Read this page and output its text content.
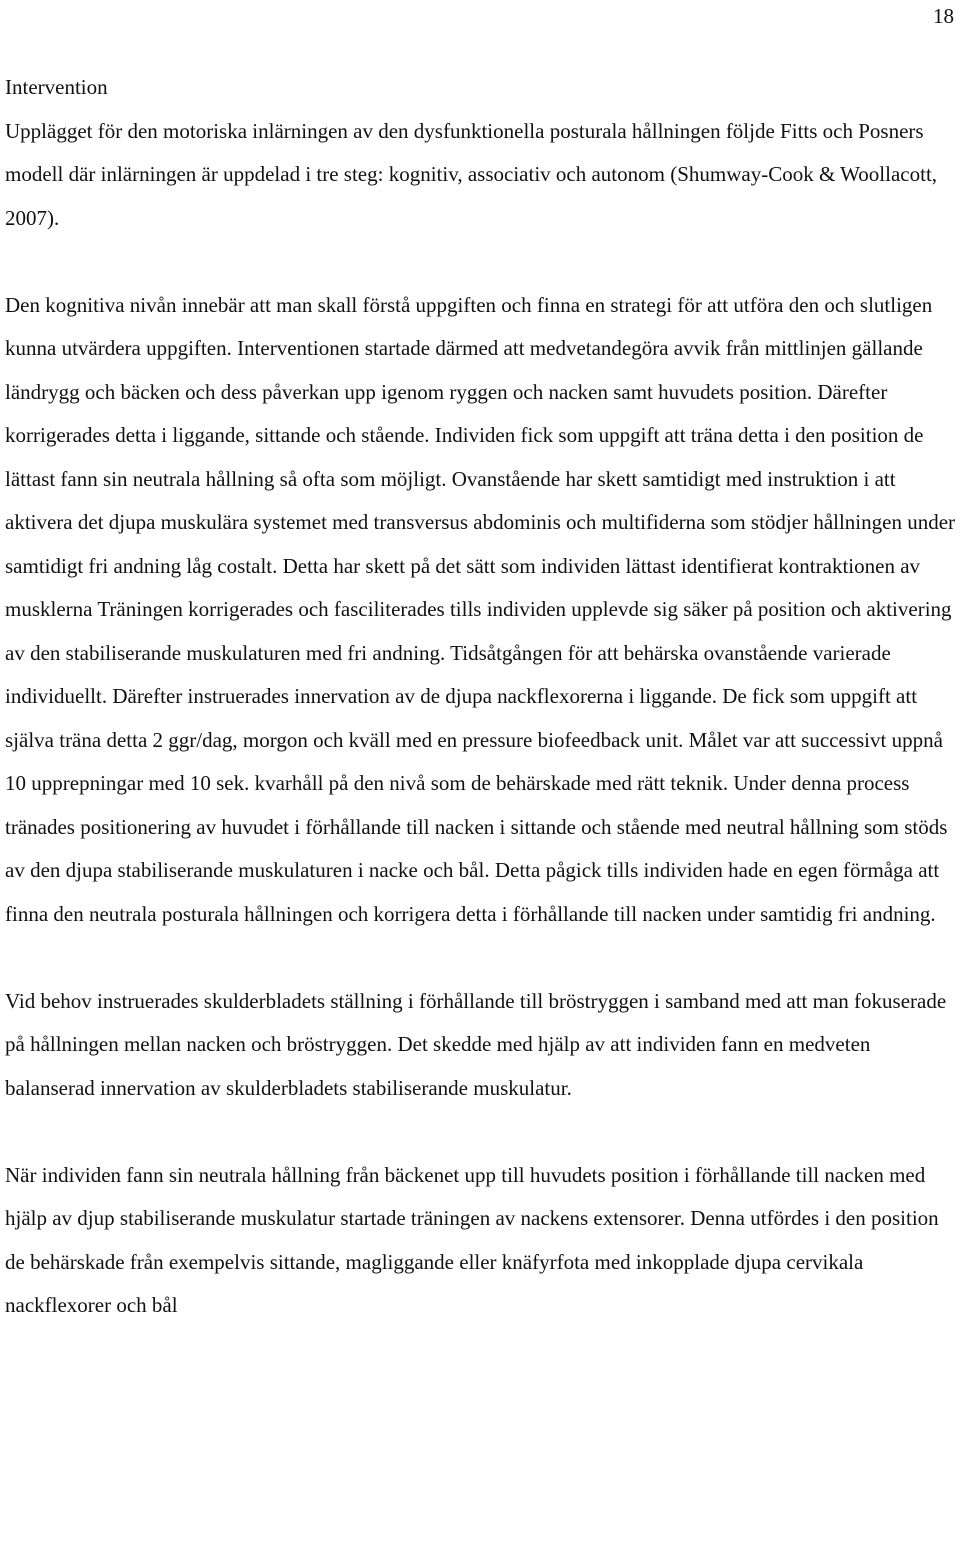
18
Intervention

Upplägget för den motoriska inlärningen av den dysfunktionella posturala hållningen följde Fitts och Posners modell där inlärningen är uppdelad i tre steg: kognitiv, associativ och autonom (Shumway-Cook & Woollacott, 2007).

Den kognitiva nivån innebär att man skall förstå uppgiften och finna en strategi för att utföra den och slutligen kunna utvärdera uppgiften. Interventionen startade därmed att medvetandegöra avvik från mittlinjen gällande ländrygg och bäcken och dess påverkan upp igenom ryggen och nacken samt huvudets position. Därefter korrigerades detta i liggande, sittande och stående. Individen fick som uppgift att träna detta i den position de lättast fann sin neutrala hållning så ofta som möjligt. Ovanstående har skett samtidigt med instruktion i att aktivera det djupa muskulära systemet med transversus abdominis och multifiderna som stödjer hållningen under samtidigt fri andning låg costalt. Detta har skett på det sätt som individen lättast identifierat kontraktionen av musklerna Träningen korrigerades och fasciliterades tills individen upplevde sig säker på position och aktivering av den stabiliserande muskulaturen med fri andning. Tidsåtgången för att behärska ovanstående varierade individuellt. Därefter instruerades innervation av de djupa nackflexorerna i liggande. De fick som uppgift att själva träna detta 2 ggr/dag, morgon och kväll med en pressure biofeedback unit. Målet var att successivt uppnå 10 upprepningar med 10 sek. kvarhåll på den nivå som de behärskade med rätt teknik. Under denna process tränades positionering av huvudet i förhållande till nacken i sittande och stående med neutral hållning som stöds av den djupa stabiliserande muskulaturen i nacke och bål. Detta pågick tills individen hade en egen förmåga att finna den neutrala posturala hållningen och korrigera detta i förhållande till nacken under samtidig fri andning.

Vid behov instruerades skulderbladets ställning i förhållande till bröstryggen i samband med att man fokuserade på hållningen mellan nacken och bröstryggen. Det skedde med hjälp av att individen fann en medveten balanserad innervation av skulderbladets stabiliserande muskulatur.

När individen fann sin neutrala hållning från bäckenet upp till huvudets position i förhållande till nacken med hjälp av djup stabiliserande muskulatur startade träningen av nackens extensorer. Denna utfördes i den position de behärskade från exempelvis sittande, magliggande eller knäfyrfota med inkopplade djupa cervikala nackflexorer och bål
